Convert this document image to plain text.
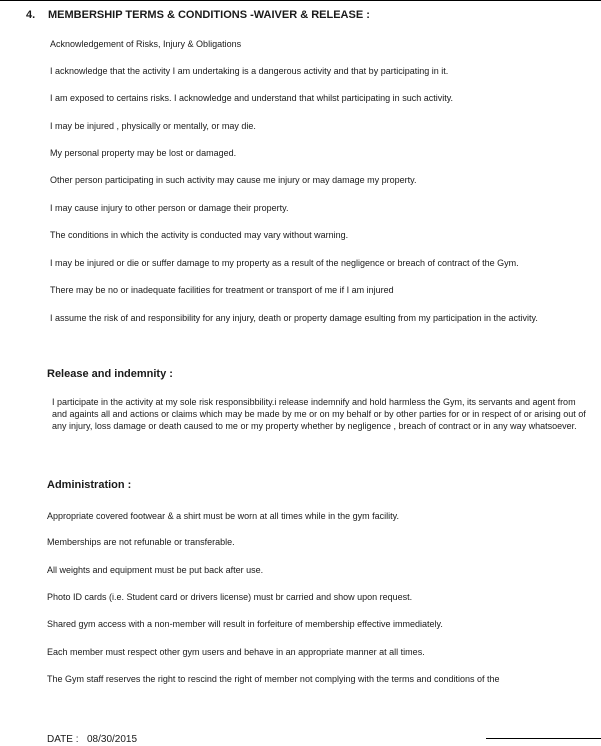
4. MEMBERSHIP TERMS & CONDITIONS -WAIVER & RELEASE :
Acknowledgement of Risks, Injury & Obligations
I acknowledge that the activity I am undertaking is a dangerous activity and that by participating in it.
I am exposed to certains risks. I acknowledge and understand that whilst participating in such activity.
I may be injured , physically or mentally, or may die.
My personal property may be lost or damaged.
Other person participating in such activity may cause me injury or may damage my property.
I may cause injury to other person or damage their property.
The conditions in which the activity is conducted may vary without warning.
I may be injured or die or suffer damage to my property as a result of the negligence or breach of contract of the Gym.
There may be no or inadequate facilities for treatment or transport of me if I am injured
I assume the risk of and responsibility for any injury, death or property damage esulting from my participation in the activity.
Release and indemnity :
I participate in the activity at my sole risk responsibbility.i release indemnify and hold harmless the Gym, its servants and agent from and againts all and actions or claims which may be made by me or on my behalf or by other parties for or in respect of or arising out of any injury, loss damage or death caused to me or my property whether by negligence , breach of contract or in any way whatsoever.
Administration :
Appropriate covered footwear & a shirt must be worn at all times while in the gym facility.
Memberships are not refunable or transferable.
All weights and equipment must be put back after use.
Photo ID cards (i.e. Student card or drivers license) must br carried and show upon request.
Shared gym access with a non-member will result in forfeiture of membership effective immediately.
Each member must respect other gym users and behave in an appropriate manner at all times.
The Gym staff reserves the right to rescind the right of member not complying with the terms and conditions of the
DATE : 08/30/2015
